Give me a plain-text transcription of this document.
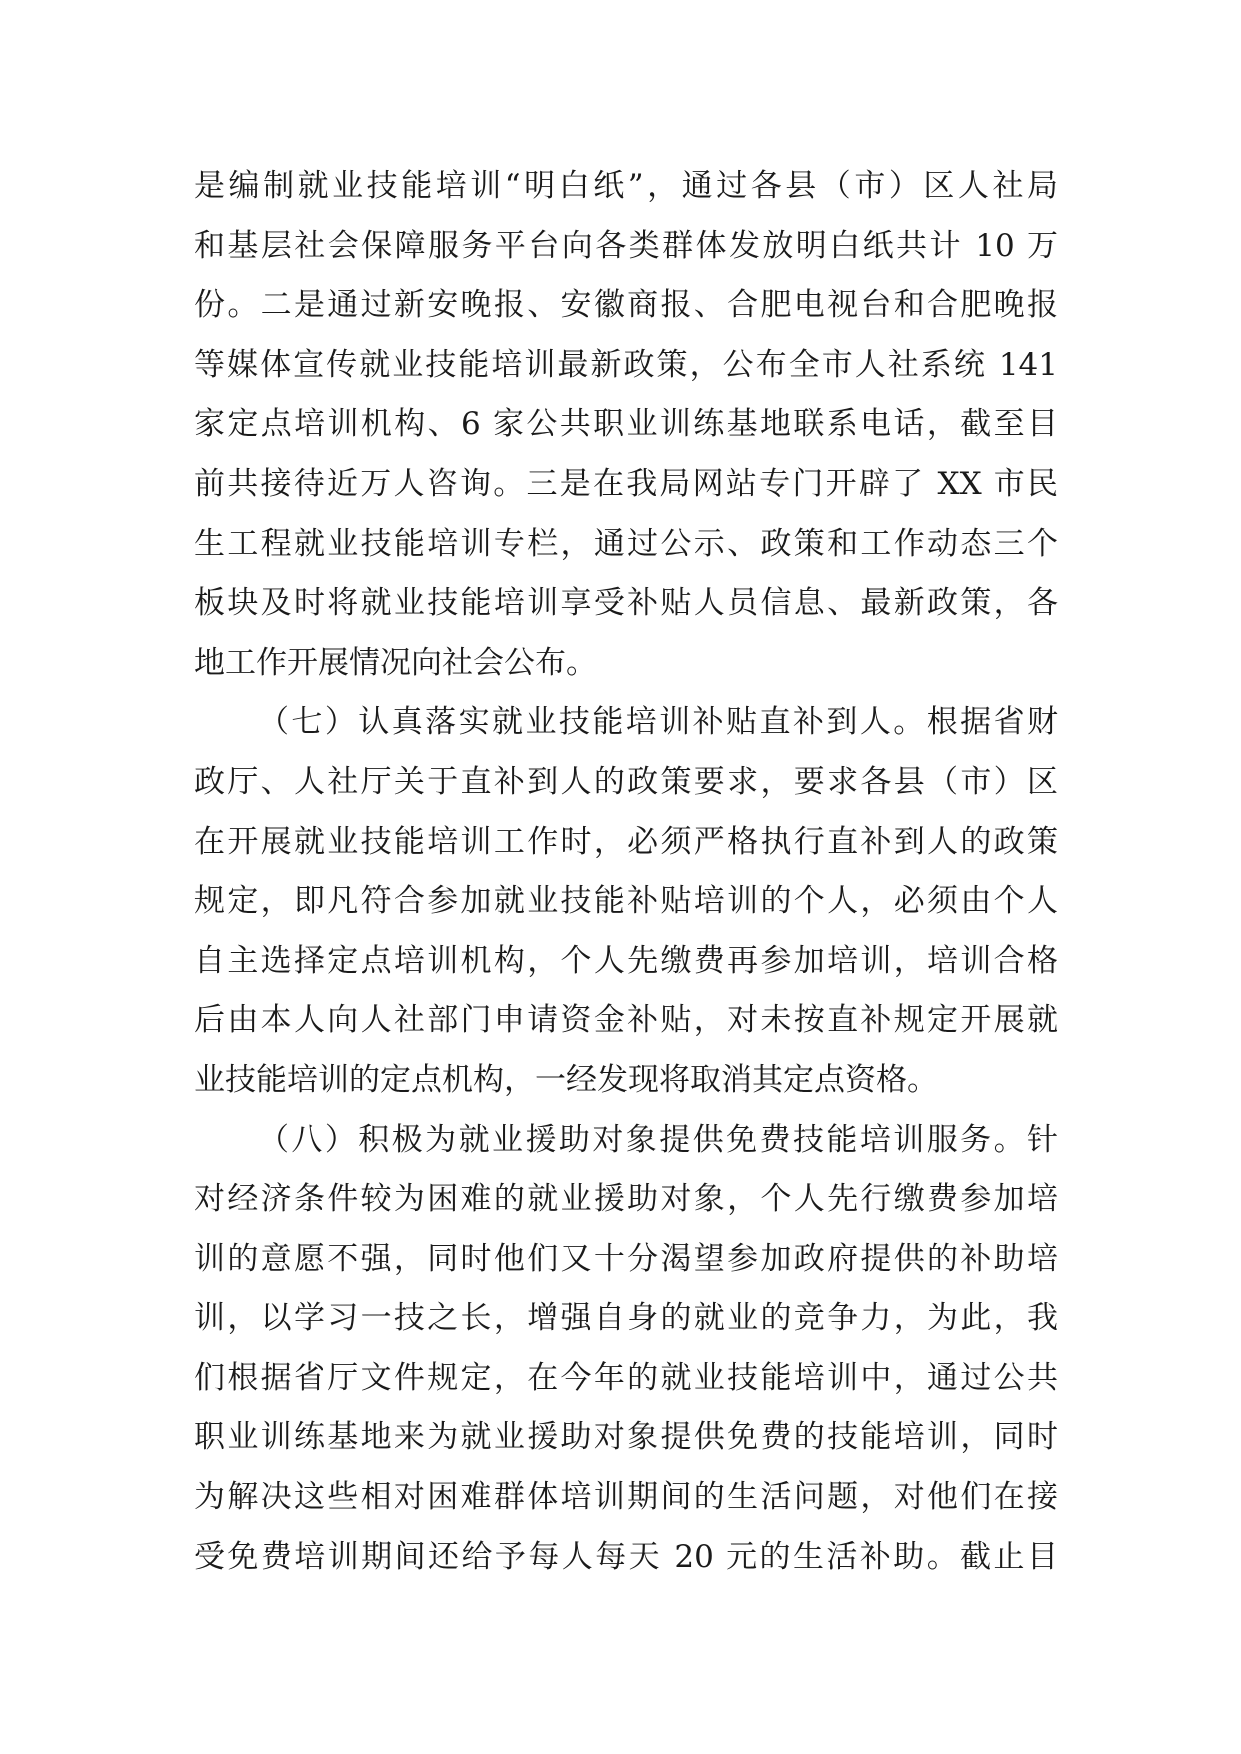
是编制就业技能培训“明白纸”，通过各县（市）区人社局
和基层社会保障服务平台向各类群体发放明白纸共计 10 万
份。二是通过新安晚报、安徽商报、合肥电视台和合肥晚报
等媒体宣传就业技能培训最新政策，公布全市人社系统 141
家定点培训机构、6 家公共职业训练基地联系电话，截至目
前共接待近万人咨询。三是在我局网站专门开辟了 XX 市民
生工程就业技能培训专栏，通过公示、政策和工作动态三个
板块及时将就业技能培训享受补贴人员信息、最新政策，各
地工作开展情况向社会公布。
（七）认真落实就业技能培训补贴直补到人。根据省财
政厅、人社厅关于直补到人的政策要求，要求各县（市）区
在开展就业技能培训工作时，必须严格执行直补到人的政策
规定，即凡符合参加就业技能补贴培训的个人，必须由个人
自主选择定点培训机构，个人先缴费再参加培训，培训合格
后由本人向人社部门申请资金补贴，对未按直补规定开展就
业技能培训的定点机构，一经发现将取消其定点资格。
（八）积极为就业援助对象提供免费技能培训服务。针
对经济条件较为困难的就业援助对象，个人先行缴费参加培
训的意愿不强，同时他们又十分渴望参加政府提供的补助培
训，以学习一技之长，增强自身的就业的竞争力，为此，我
们根据省厅文件规定，在今年的就业技能培训中，通过公共
职业训练基地来为就业援助对象提供免费的技能培训，同时
为解决这些相对困难群体培训期间的生活问题，对他们在接
受免费培训期间还给予每人每天 20 元的生活补助。截止目
